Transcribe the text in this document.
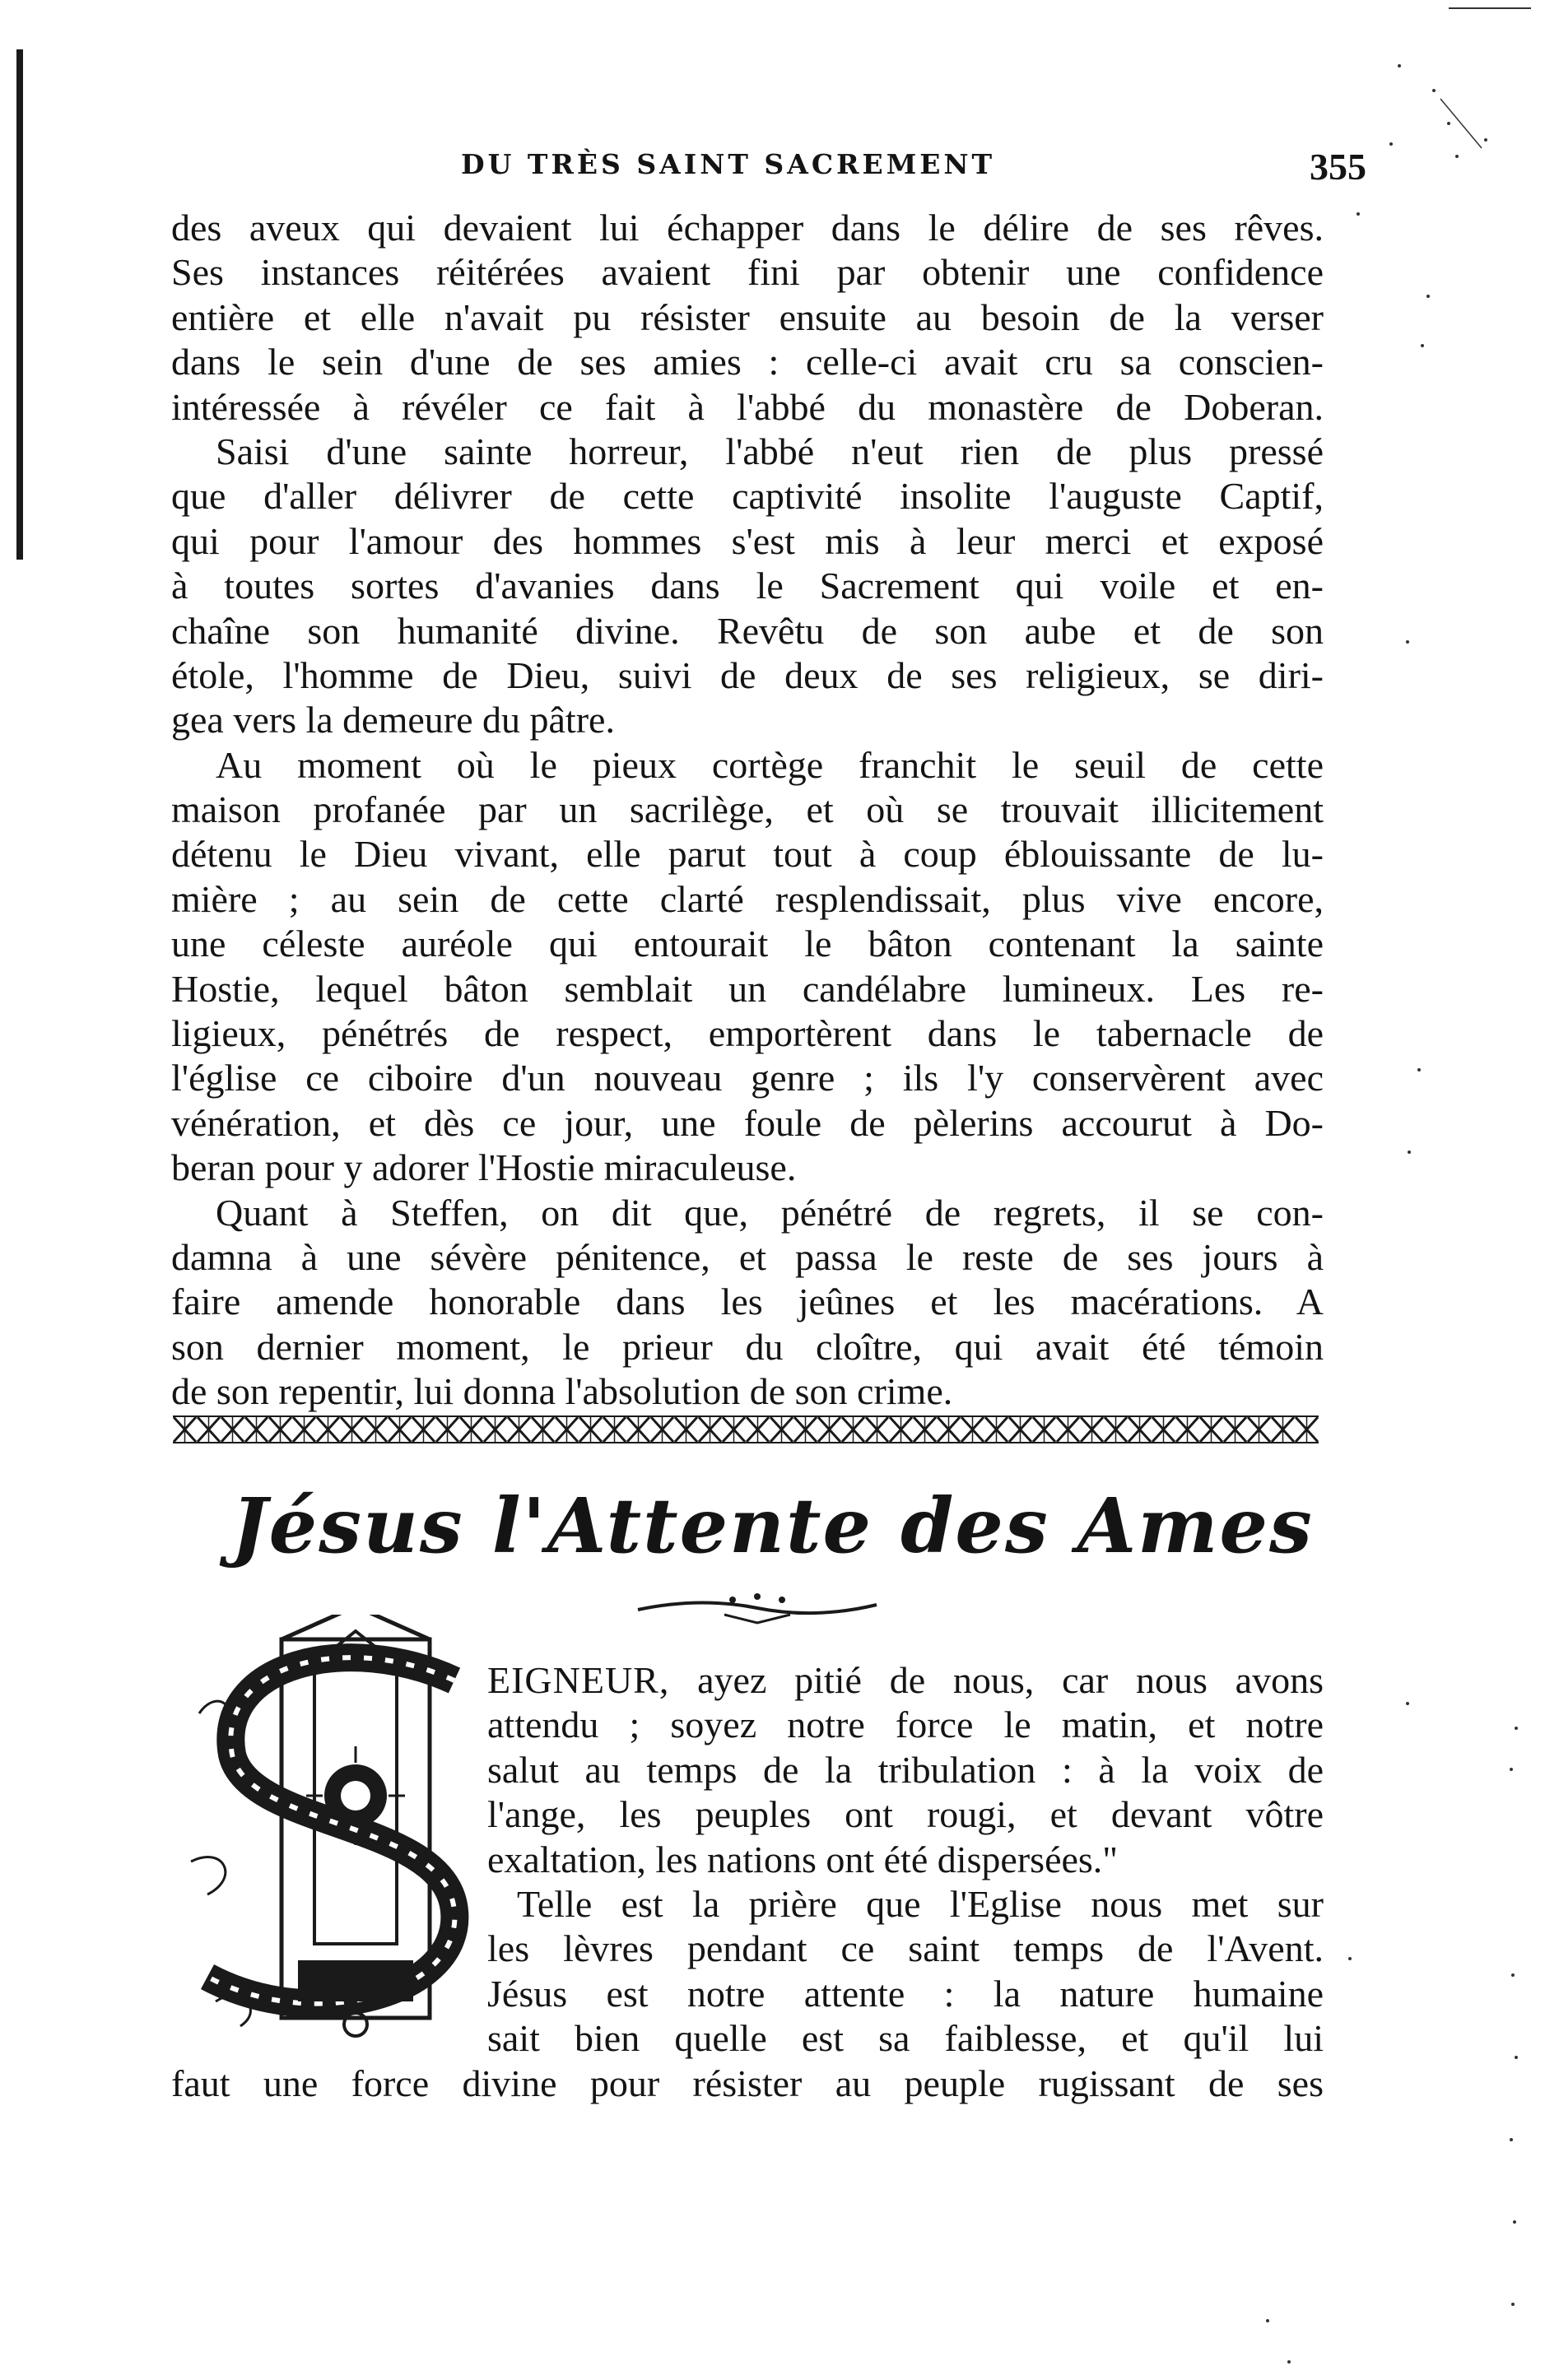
DU TRÈS SAINT SACREMENT	355
des aveux qui devaient lui échapper dans le délire de ses rêves.
Ses instances réitérées avaient fini par obtenir une confidence
entière et elle n'avait pu résister ensuite au besoin de la verser
dans le sein d'une de ses amies : celle-ci avait cru sa conscien-
intéressée à révéler ce fait à l'abbé du monastère de Doberan.
Saisi d'une sainte horreur, l'abbé n'eut rien de plus pressé
que d'aller délivrer de cette captivité insolite l'auguste Captif,
qui pour l'amour des hommes s'est mis à leur merci et exposé
à toutes sortes d'avanies dans le Sacrement qui voile et en-
chaîne son humanité divine. Revêtu de son aube et de son
étole, l'homme de Dieu, suivi de deux de ses religieux, se diri-
gea vers la demeure du pâtre.
Au moment où le pieux cortège franchit le seuil de cette
maison profanée par un sacrilège, et où se trouvait illicitement
détenu le Dieu vivant, elle parut tout à coup éblouissante de lu-
mière ; au sein de cette clarté resplendissait, plus vive encore,
une céleste auréole qui entourait le bâton contenant la sainte
Hostie, lequel bâton semblait un candélabre lumineux. Les re-
ligieux, pénétrés de respect, emportèrent dans le tabernacle de
l'église ce ciboire d'un nouveau genre ; ils l'y conservèrent avec
vénération, et dès ce jour, une foule de pèlerins accourut à Do-
beran pour y adorer l'Hostie miraculeuse.
Quant à Steffen, on dit que, pénétré de regrets, il se con-
damna à une sévère pénitence, et passa le reste de ses jours à
faire amende honorable dans les jeûnes et les macérations. A
son dernier moment, le prieur du cloître, qui avait été témoin
de son repentir, lui donna l'absolution de son crime.
Jésus l'Attente des Ames
EIGNEUR, ayez pitié de nous, car nous avons
attendu ; soyez notre force le matin, et notre
salut au temps de la tribulation : à la voix de
l'ange, les peuples ont rougi, et devant vôtre
exaltation, les nations ont été dispersées."
Telle est la prière que l'Eglise nous met sur
les lèvres pendant ce saint temps de l'Avent.
Jésus est notre attente : la nature humaine
sait bien quelle est sa faiblesse, et qu'il lui
faut une force divine pour résister au peuple rugissant de ses
